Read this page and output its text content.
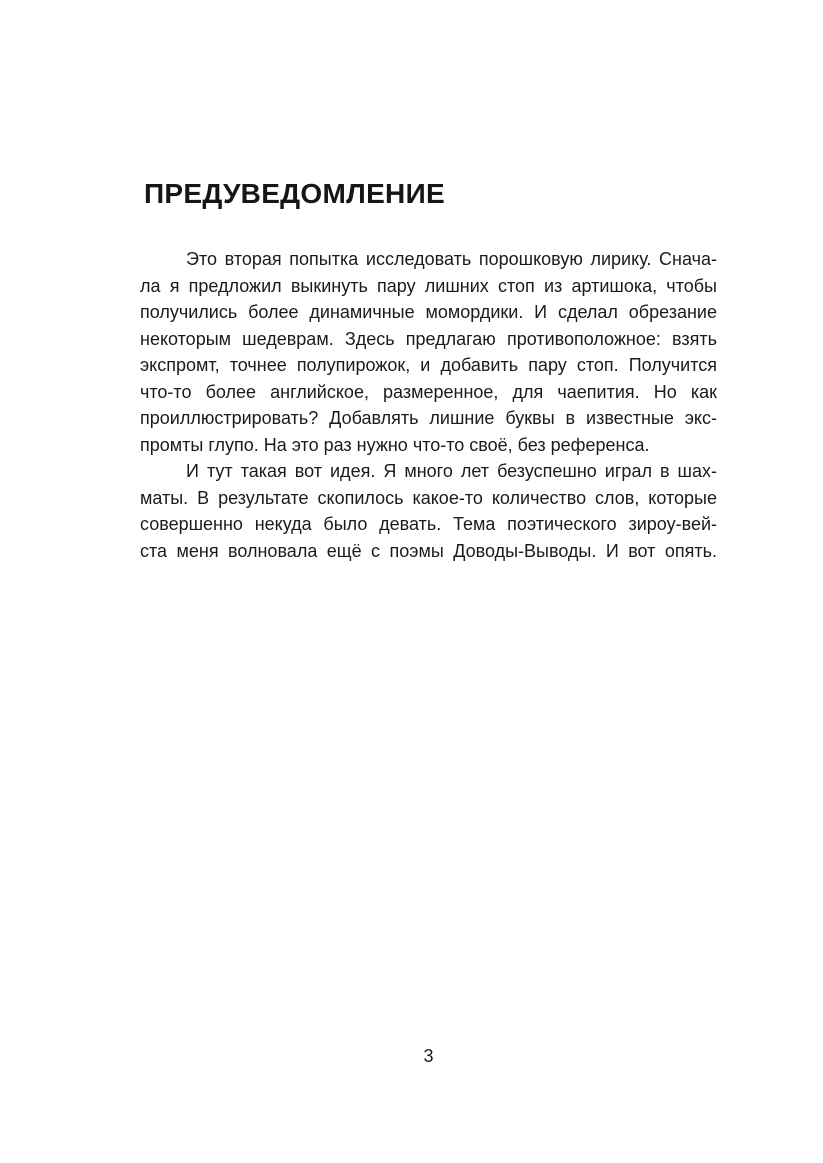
ПРЕДУВЕДОМЛЕНИЕ
Это вторая попытка исследовать порошковую лирику. Снача-
ла я предложил выкинуть пару лишних стоп из артишока, чтобы
получились более динамичные момордики. И сделал обрезание
некоторым шедеврам. Здесь предлагаю противоположное: взять
экспромт, точнее полупирожок, и добавить пару стоп. Получится
что-то более английское, размеренное, для чаепития. Но как
проиллюстрировать? Добавлять лишние буквы в известные экс-
промты глупо. На это раз нужно что-то своё, без референса.
И тут такая вот идея. Я много лет безуспешно играл в шах-
маты. В результате скопилось какое-то количество слов, которые
совершенно некуда было девать. Тема поэтического зироу-вей-
ста меня волновала ещё с поэмы Доводы-Выводы. И вот опять.
3
